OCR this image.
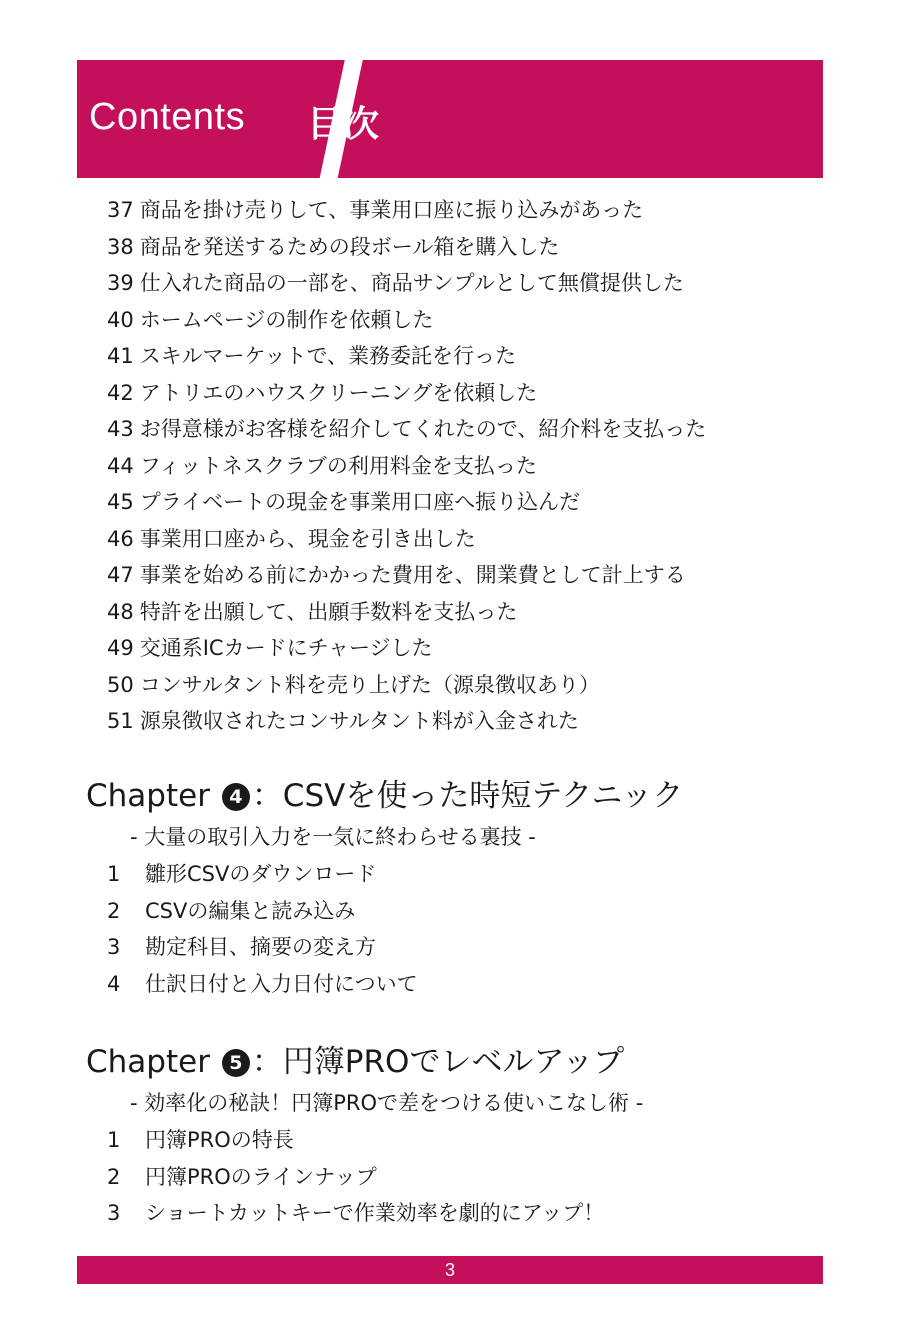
Contents 目次
37 商品を掛け売りして、事業用口座に振り込みがあった
38 商品を発送するための段ボール箱を購入した
39 仕入れた商品の一部を、商品サンプルとして無償提供した
40 ホームページの制作を依頼した
41 スキルマーケットで、業務委託を行った
42 アトリエのハウスクリーニングを依頼した
43 お得意様がお客様を紹介してくれたので、紹介料を支払った
44 フィットネスクラブの利用料金を支払った
45 プライベートの現金を事業用口座へ振り込んだ
46 事業用口座から、現金を引き出した
47 事業を始める前にかかった費用を、開業費として計上する
48 特許を出願して、出願手数料を支払った
49 交通系ICカードにチャージした
50 コンサルタント料を売り上げた（源泉徴収あり）
51 源泉徴収されたコンサルタント料が入金された
Chapter 4 ：CSVを使った時短テクニック
- 大量の取引入力を一気に終わらせる裏技 -
1 雛形CSVのダウンロード
2 CSVの編集と読み込み
3 勘定科目、摘要の変え方
4 仕訳日付と入力日付について
Chapter 5 ：円簿PROでレベルアップ
- 効率化の秘訣！円簿PROで差をつける使いこなし術 -
1 円簿PROの特長
2 円簿PROのラインナップ
3 ショートカットキーで作業効率を劇的にアップ！
3
